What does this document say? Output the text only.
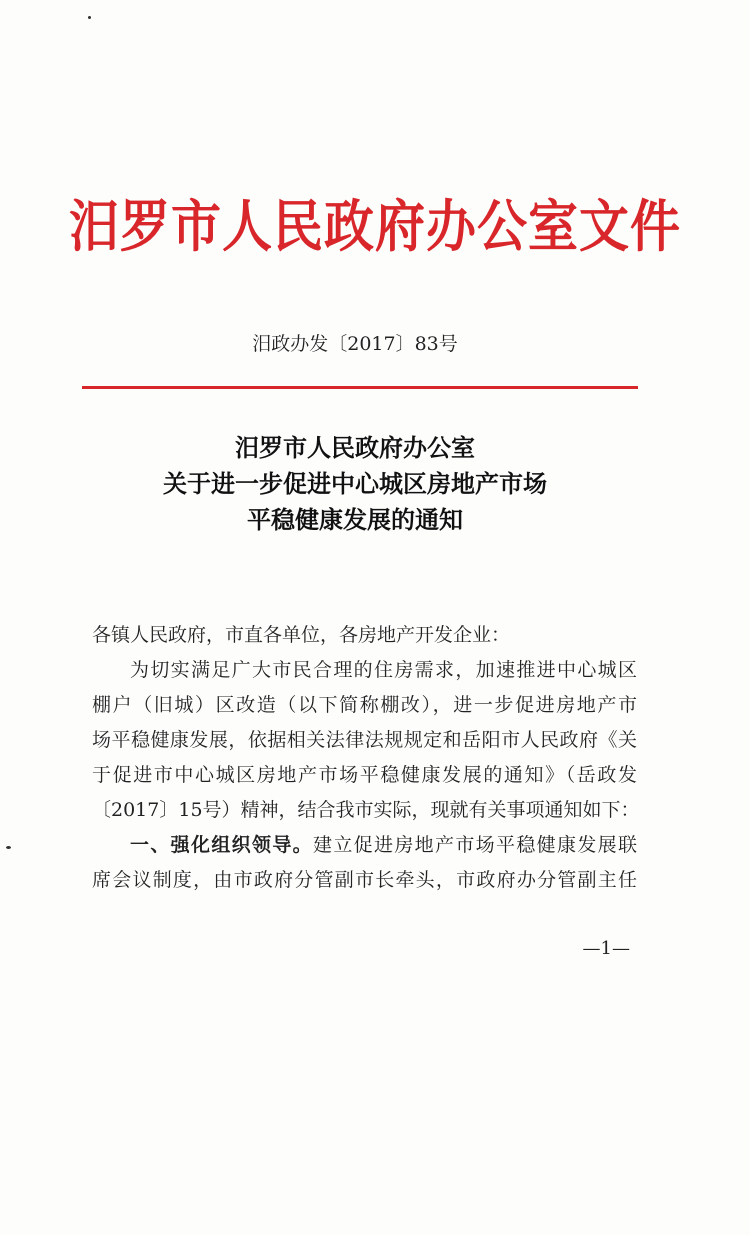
汨罗市人民政府办公室文件
汨政办发〔2017〕83号
汨罗市人民政府办公室
关于进一步促进中心城区房地产市场
平稳健康发展的通知
各镇人民政府，市直各单位，各房地产开发企业：
为切实满足广大市民合理的住房需求，加速推进中心城区
棚户（旧城）区改造（以下简称棚改），进一步促进房地产市
场平稳健康发展，依据相关法律法规规定和岳阳市人民政府《关
于促进市中心城区房地产市场平稳健康发展的通知》（岳政发
〔2017〕15号）精神，结合我市实际，现就有关事项通知如下：
一、强化组织领导。建立促进房地产市场平稳健康发展联
席会议制度，由市政府分管副市长牵头，市政府办分管副主任
—1—
